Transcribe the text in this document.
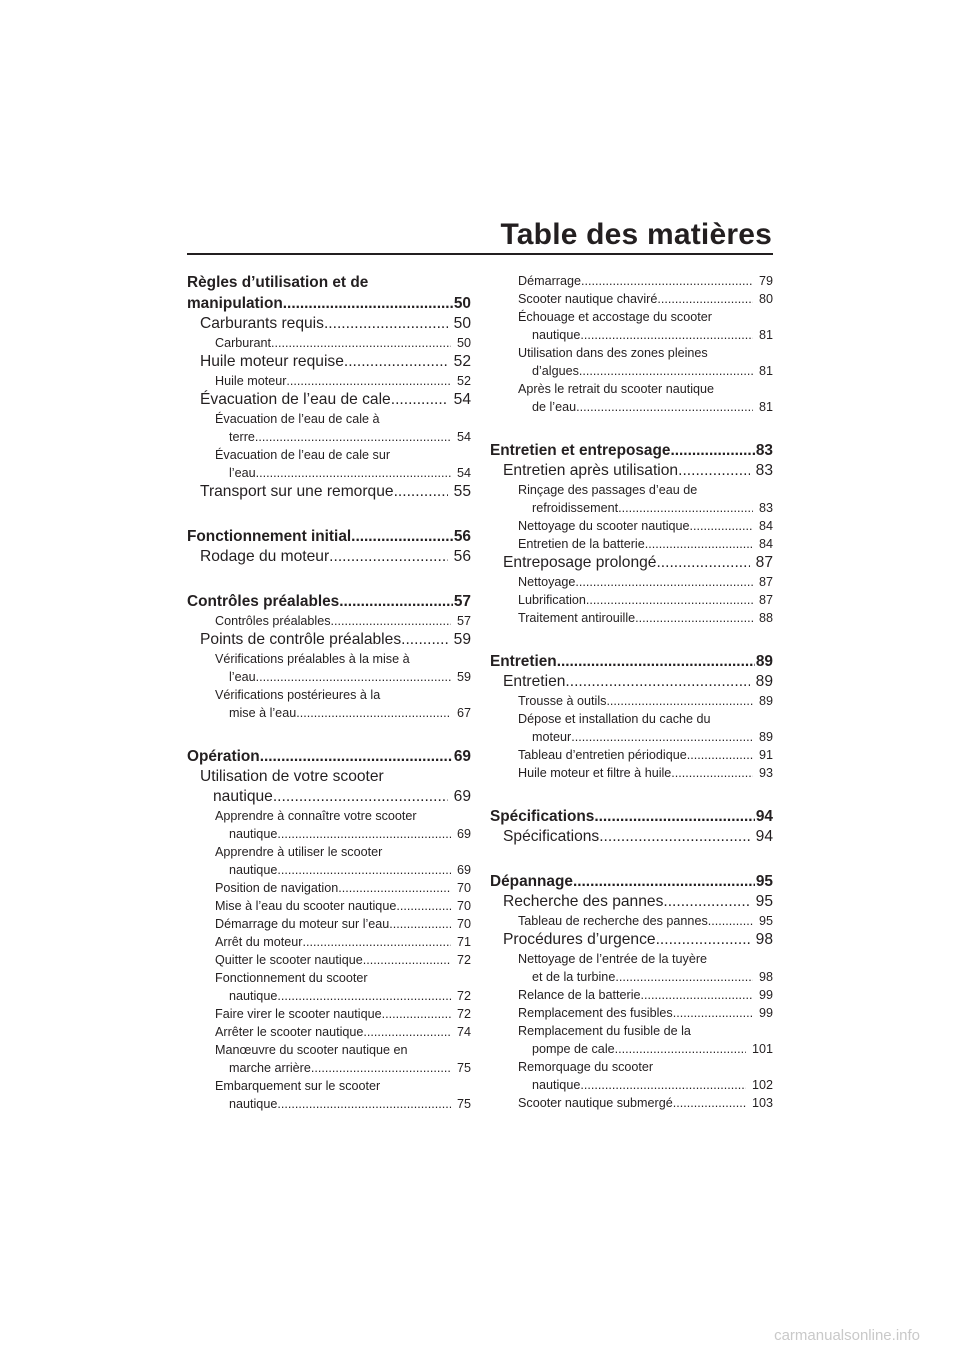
Table des matières
Règles d’utilisation et de
manipulation .....	50
Carburants requis .....	50
Carburant .....	50
Huile moteur requise .....	52
Huile moteur .....	52
Évacuation de l’eau de cale .....	54
Évacuation de l’eau de cale à
terre .....	54
Évacuation de l’eau de cale sur
l’eau .....	54
Transport sur une remorque .....	55
Fonctionnement initial .....	56
Rodage du moteur .....	56
Contrôles préalables .....	57
Contrôles préalables .....	57
Points de contrôle préalables .....	59
Vérifications préalables à la mise à
l’eau .....	59
Vérifications postérieures à la
mise à l’eau .....	67
Opération .....	69
Utilisation de votre scooter
nautique .....	69
Apprendre à connaître votre scooter
nautique .....	69
Apprendre à utiliser le scooter
nautique .....	69
Position de navigation .....	70
Mise à l’eau du scooter nautique .....	70
Démarrage du moteur sur l’eau .....	70
Arrêt du moteur .....	71
Quitter le scooter nautique .....	72
Fonctionnement du scooter
nautique .....	72
Faire virer le scooter nautique .....	72
Arrêter le scooter nautique .....	74
Manœuvre du scooter nautique en
marche arrière .....	75
Embarquement sur le scooter
nautique .....	75
Démarrage .....	79
Scooter nautique chaviré .....	80
Échouage et accostage du scooter
nautique .....	81
Utilisation dans des zones pleines
d’algues .....	81
Après le retrait du scooter nautique
de l’eau .....	81
Entretien et entreposage .....	83
Entretien après utilisation .....	83
Rinçage des passages d’eau de
refroidissement .....	83
Nettoyage du scooter nautique .....	84
Entretien de la batterie .....	84
Entreposage prolongé .....	87
Nettoyage .....	87
Lubrification .....	87
Traitement antirouille .....	88
Entretien .....	89
Entretien .....	89
Trousse à outils .....	89
Dépose et installation du cache du
moteur .....	89
Tableau d’entretien périodique .....	91
Huile moteur et filtre à huile .....	93
Spécifications .....	94
Spécifications .....	94
Dépannage .....	95
Recherche des pannes .....	95
Tableau de recherche des pannes .....	95
Procédures d’urgence .....	98
Nettoyage de l’entrée de la tuyère
et de la turbine .....	98
Relance de la batterie .....	99
Remplacement des fusibles .....	99
Remplacement du fusible de la
pompe de cale .....	101
Remorquage du scooter
nautique .....	102
Scooter nautique submergé .....	103
carmanualsonline.info
